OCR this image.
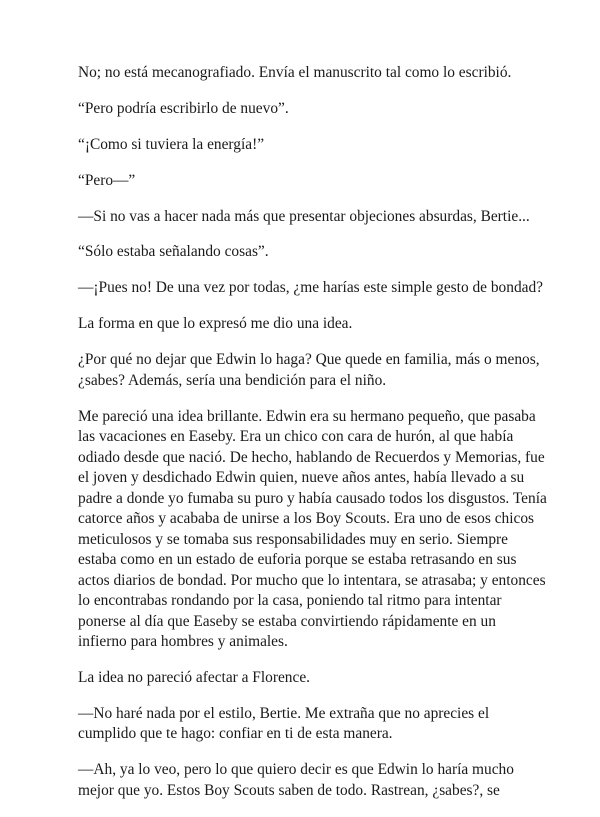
No; no está mecanografiado. Envía el manuscrito tal como lo escribió.

“Pero podría escribirlo de nuevo”.

“¡Como si tuviera la energía!”

“Pero—”

—Si no vas a hacer nada más que presentar objeciones absurdas, Bertie...

“Sólo estaba señalando cosas”.

—¡Pues no! De una vez por todas, ¿me harías este simple gesto de bondad?

La forma en que lo expresó me dio una idea.

¿Por qué no dejar que Edwin lo haga? Que quede en familia, más o menos,
¿sabes? Además, sería una bendición para el niño.

Me pareció una idea brillante. Edwin era su hermano pequeño, que pasaba
las vacaciones en Easeby. Era un chico con cara de hurón, al que había
odiado desde que nació. De hecho, hablando de Recuerdos y Memorias, fue
el joven y desdichado Edwin quien, nueve años antes, había llevado a su
padre a donde yo fumaba su puro y había causado todos los disgustos. Tenía
catorce años y acababa de unirse a los Boy Scouts. Era uno de esos chicos
meticulosos y se tomaba sus responsabilidades muy en serio. Siempre
estaba como en un estado de euforia porque se estaba retrasando en sus
actos diarios de bondad. Por mucho que lo intentara, se atrasaba; y entonces
lo encontrabas rondando por la casa, poniendo tal ritmo para intentar
ponerse al día que Easeby se estaba convirtiendo rápidamente en un
infierno para hombres y animales.

La idea no pareció afectar a Florence.

—No haré nada por el estilo, Bertie. Me extraña que no aprecies el
cumplido que te hago: confiar en ti de esta manera.

—Ah, ya lo veo, pero lo que quiero decir es que Edwin lo haría mucho
mejor que yo. Estos Boy Scouts saben de todo. Rastrean, ¿sabes?, se
